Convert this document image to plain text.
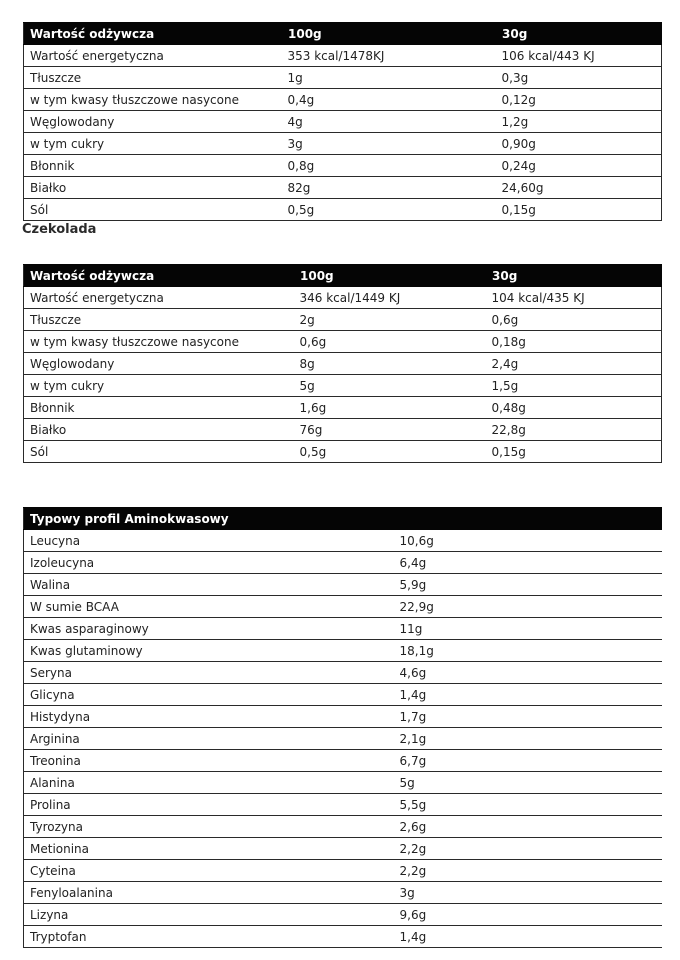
Wartość odżywcza	100g	30g
Wartość energetyczna	353 kcal/1478KJ	106 kcal/443 KJ
Tłuszcze	1g	0,3g
w tym kwasy tłuszczowe nasycone	0,4g	0,12g
Węglowodany	4g	1,2g
w tym cukry	3g	0,90g
Błonnik	0,8g	0,24g
Białko	82g	24,60g
Sól	0,5g	0,15g
Czekolada
Wartość odżywcza	100g	30g
Wartość energetyczna	346 kcal/1449 KJ	104 kcal/435 KJ
Tłuszcze	2g	0,6g
w tym kwasy tłuszczowe nasycone	0,6g	0,18g
Węglowodany	8g	2,4g
w tym cukry	5g	1,5g
Błonnik	1,6g	0,48g
Białko	76g	22,8g
Sól	0,5g	0,15g
Typowy profil Aminokwasowy	
Leucyna	10,6g
Izoleucyna	6,4g
Walina	5,9g
W sumie BCAA	22,9g
Kwas asparaginowy	11g
Kwas glutaminowy	18,1g
Seryna	4,6g
Glicyna	1,4g
Histydyna	1,7g
Arginina	2,1g
Treonina	6,7g
Alanina	5g
Prolina	5,5g
Tyrozyna	2,6g
Metionina	2,2g
Cyteina	2,2g
Fenyloalanina	3g
Lizyna	9,6g
Tryptofan	1,4g
